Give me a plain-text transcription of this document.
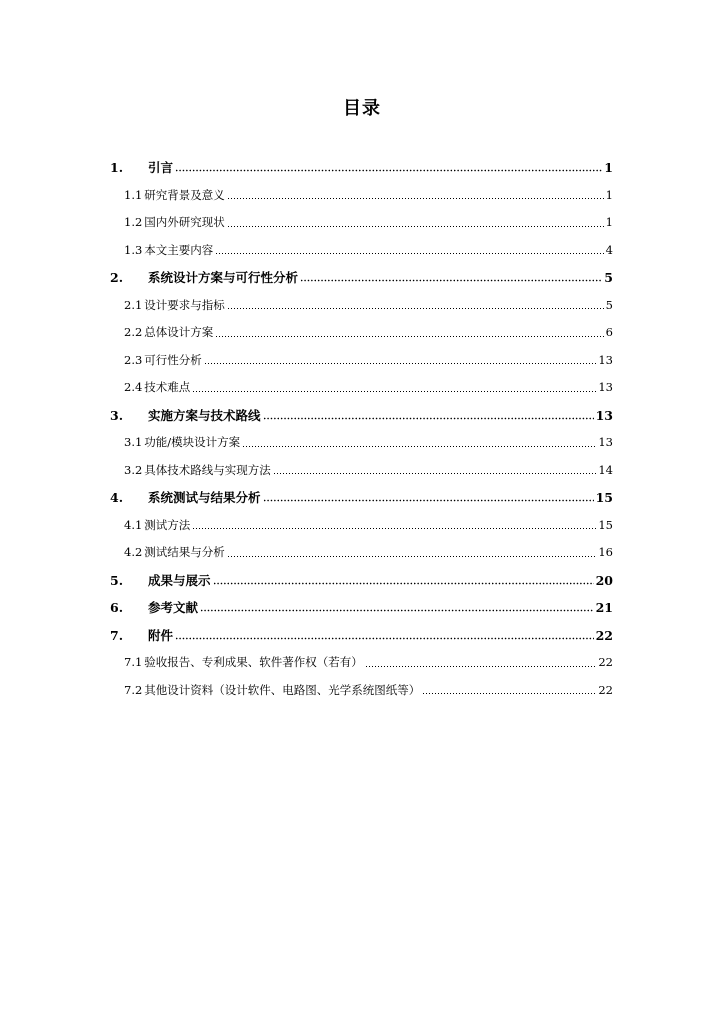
目录
1.	引言	1
1.1 研究背景及意义	1
1.2 国内外研究现状	1
1.3 本文主要内容	4
2.	系统设计方案与可行性分析	5
2.1 设计要求与指标	5
2.2 总体设计方案	6
2.3 可行性分析	13
2.4 技术难点	13
3.	实施方案与技术路线	13
3.1 功能/模块设计方案	13
3.2 具体技术路线与实现方法	14
4.	系统测试与结果分析	15
4.1 测试方法	15
4.2 测试结果与分析	16
5.	成果与展示	20
6.	参考文献	21
7.	附件	22
7.1 验收报告、专利成果、软件著作权（若有）	22
7.2 其他设计资料（设计软件、电路图、光学系统图纸等）	22
